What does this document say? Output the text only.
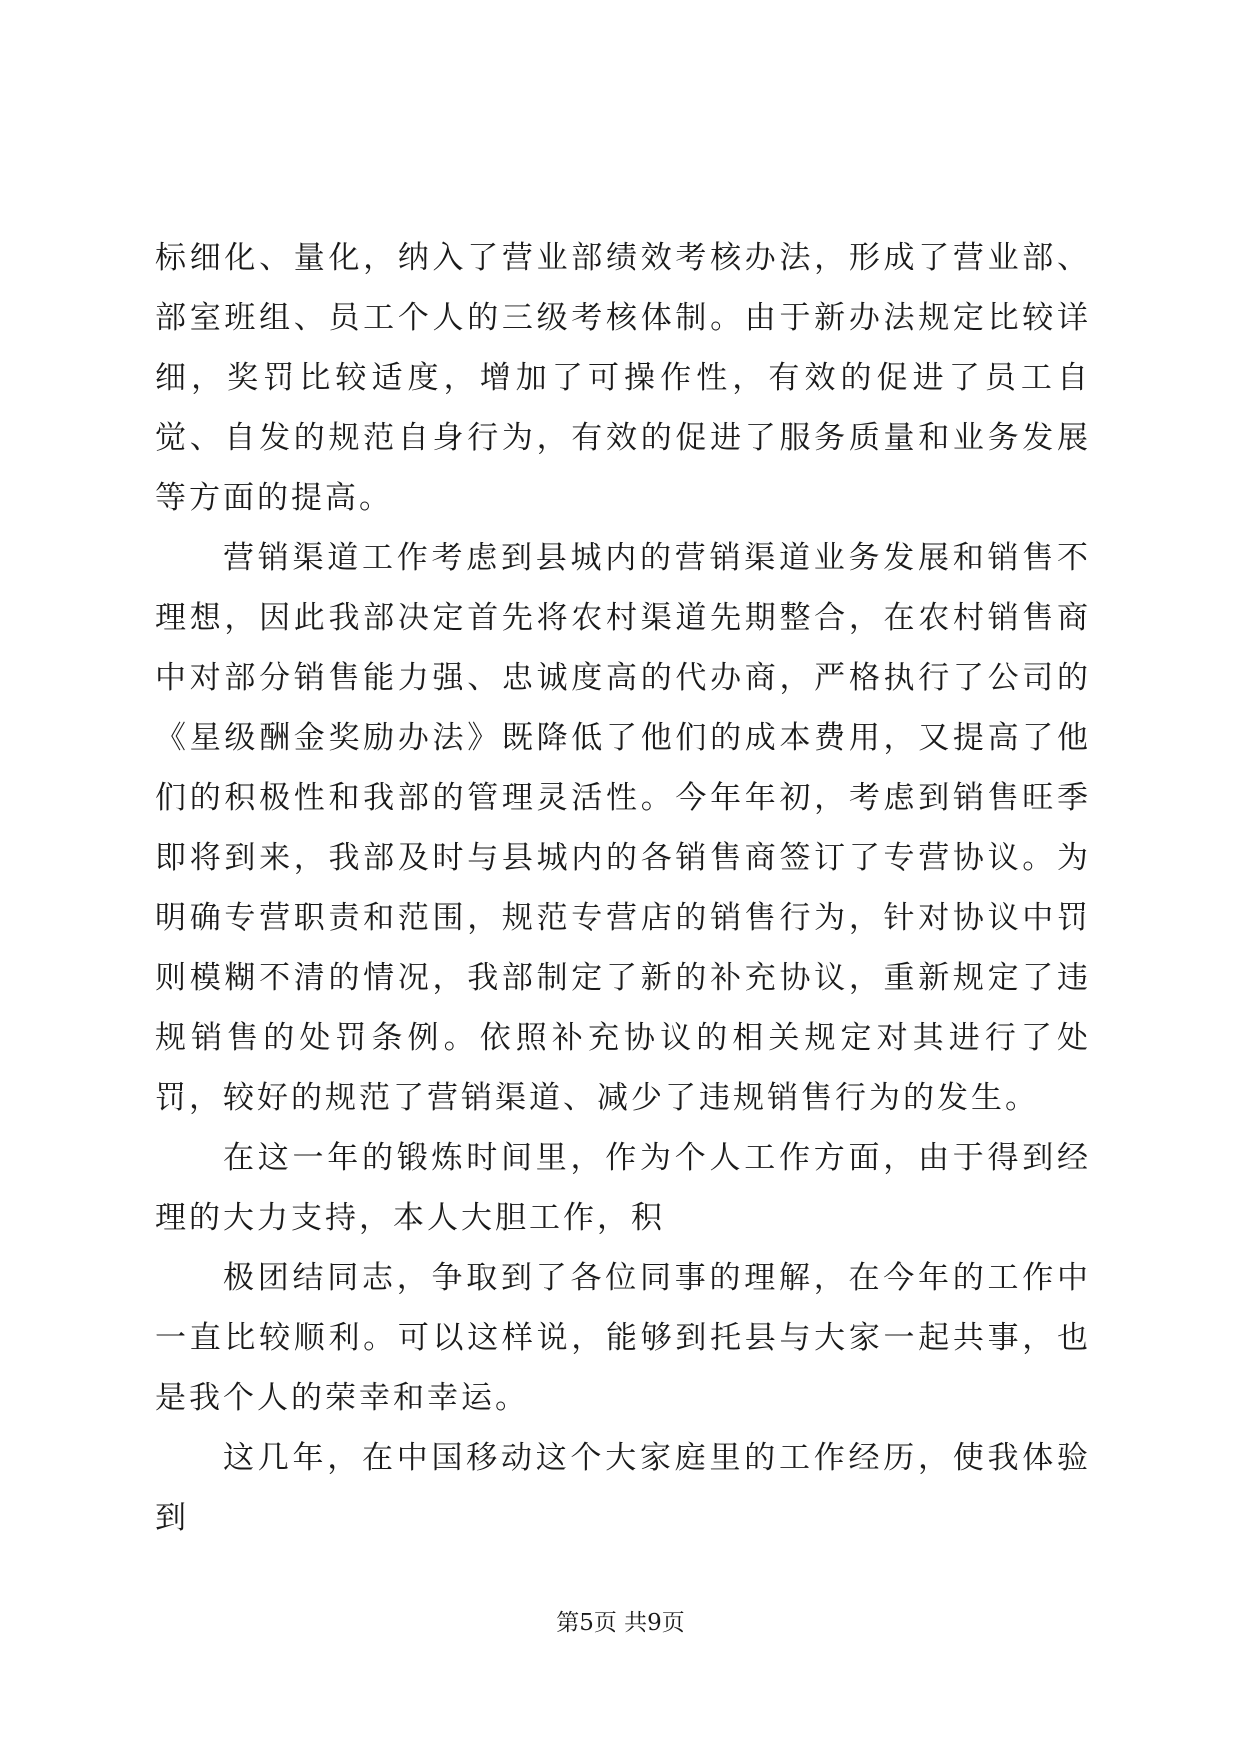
标细化、量化，纳入了营业部绩效考核办法，形成了营业部、部室班组、员工个人的三级考核体制。由于新办法规定比较详细，奖罚比较适度，增加了可操作性，有效的促进了员工自觉、自发的规范自身行为，有效的促进了服务质量和业务发展等方面的提高。

营销渠道工作考虑到县城内的营销渠道业务发展和销售不理想，因此我部决定首先将农村渠道先期整合，在农村销售商中对部分销售能力强、忠诚度高的代办商，严格执行了公司的《星级酬金奖励办法》既降低了他们的成本费用，又提高了他们的积极性和我部的管理灵活性。今年年初，考虑到销售旺季即将到来，我部及时与县城内的各销售商签订了专营协议。为明确专营职责和范围，规范专营店的销售行为，针对协议中罚则模糊不清的情况，我部制定了新的补充协议，重新规定了违规销售的处罚条例。依照补充协议的相关规定对其进行了处罚，较好的规范了营销渠道、减少了违规销售行为的发生。

在这一年的锻炼时间里，作为个人工作方面，由于得到经理的大力支持，本人大胆工作，积

极团结同志，争取到了各位同事的理解，在今年的工作中一直比较顺利。可以这样说，能够到托县与大家一起共事，也是我个人的荣幸和幸运。

这几年，在中国移动这个大家庭里的工作经历，使我体验到

第5页 共9页
